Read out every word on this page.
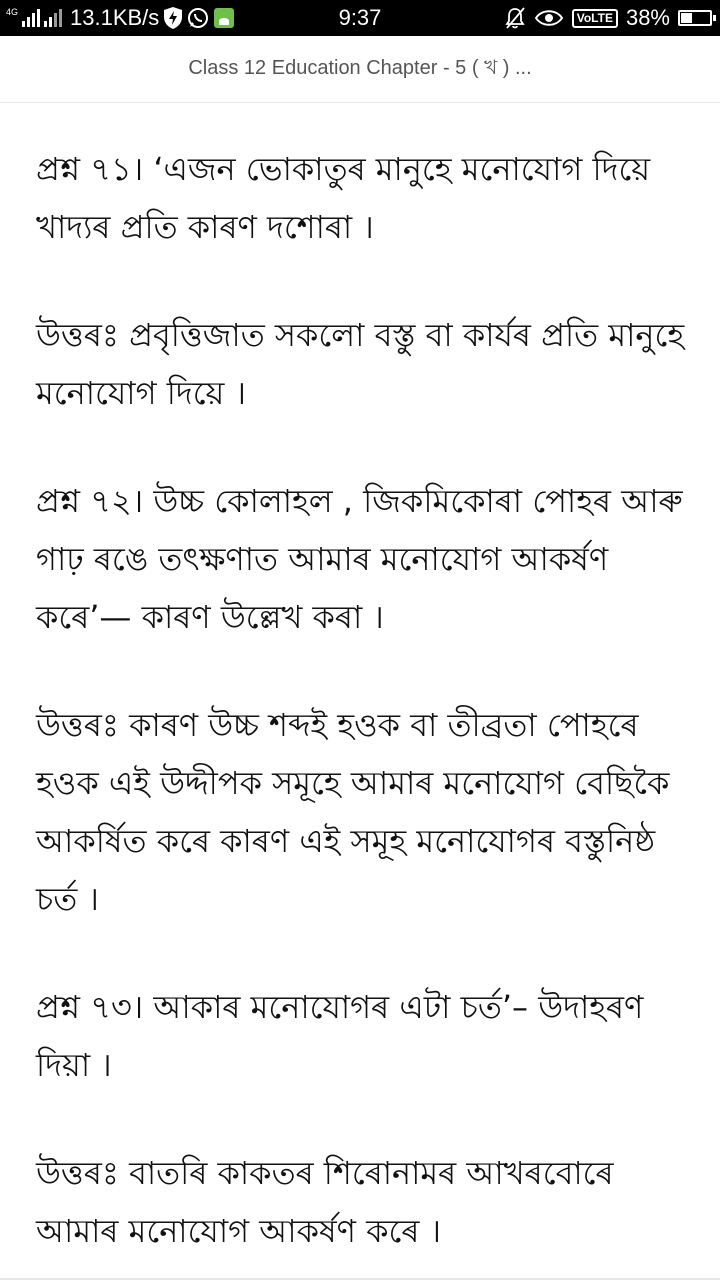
4G 13.1KB/s	9:37	VoLTE 38%
Class 12 Education Chapter - 5 ( খ ) ...

প্ৰশ্ন ৭১। ‘এজন ভোকাতুৰ মানুহে মনোযোগ দিয়ে খাদ্যৰ প্ৰতি কাৰণ দশোৰা ।

উত্তৰঃ প্ৰবৃত্তিজাত সকলো বস্তু বা কাৰ্যৰ প্ৰতি মানুহে মনোযোগ দিয়ে ।

প্ৰশ্ন ৭২। উচ্চ কোলাহল , জিকমিকোৰা পোহৰ আৰু গাঢ় ৰঙে তৎক্ষণাত আমাৰ মনোযোগ আকৰ্ষণ কৰে’— কাৰণ উল্লেখ কৰা ।

উত্তৰঃ কাৰণ উচ্চ শব্দই হওক বা তীব্ৰতা পোহৰে হওক এই উদ্দীপক সমূহে আমাৰ মনোযোগ বেছিকৈ আকৰ্ষিত কৰে কাৰণ এই সমূহ মনোযোগৰ বস্তুনিষ্ঠ চৰ্ত ।

প্ৰশ্ন ৭৩। আকাৰ মনোযোগৰ এটা চৰ্ত’– উদাহৰণ দিয়া ।

উত্তৰঃ বাতৰি কাকতৰ শিৰোনামৰ আখৰবোৰে আমাৰ মনোযোগ আকৰ্ষণ কৰে ।
